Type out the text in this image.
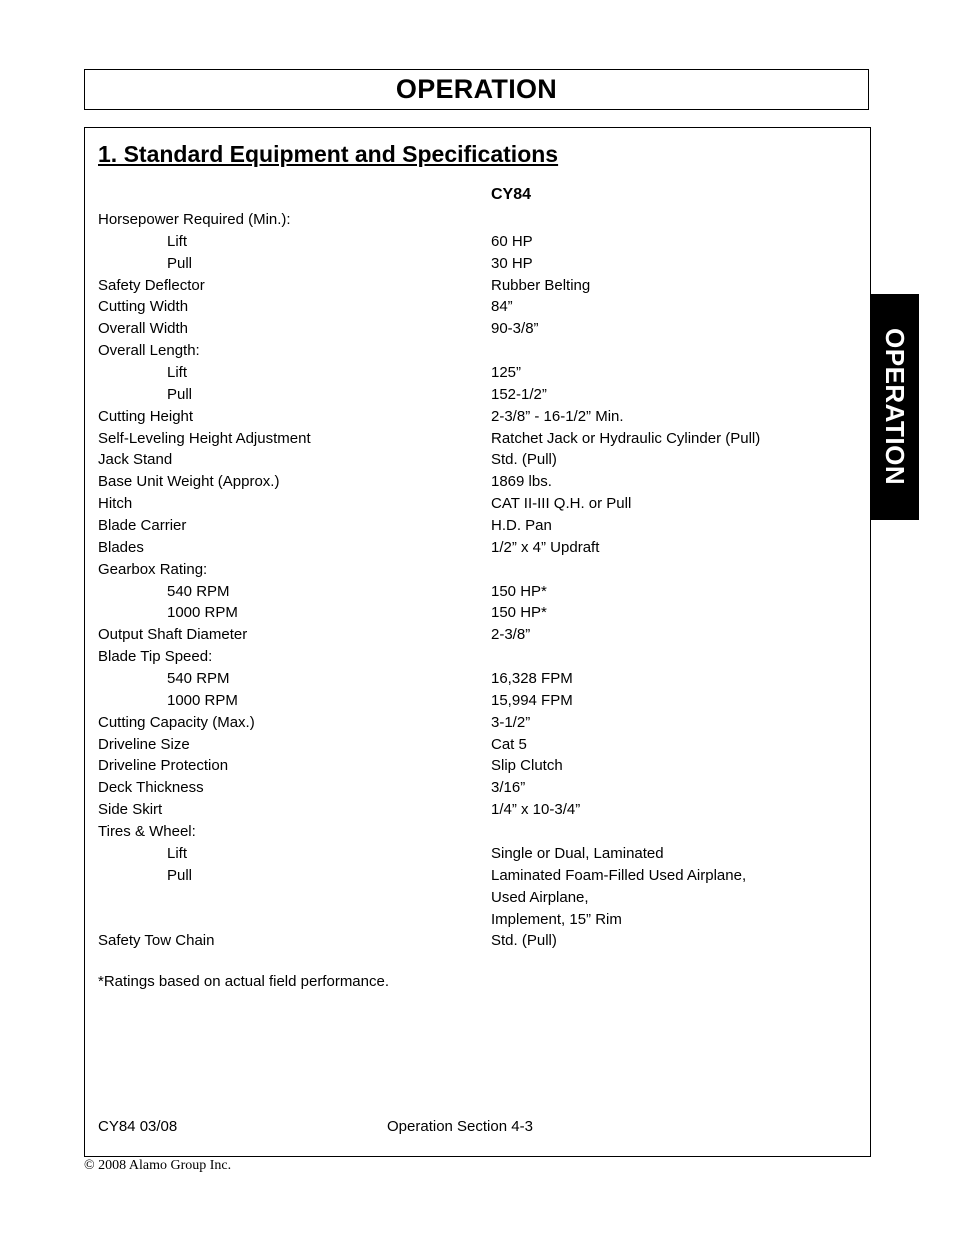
OPERATION
1. Standard Equipment and Specifications
CY84
Horsepower Required (Min.):
Lift	60 HP
Pull	30 HP
Safety Deflector	Rubber Belting
Cutting Width	84”
Overall Width	90-3/8”
Overall Length:
Lift	125”
Pull	152-1/2”
Cutting Height	2-3/8” - 16-1/2” Min.
Self-Leveling Height Adjustment	Ratchet Jack or Hydraulic Cylinder (Pull)
Jack Stand	Std. (Pull)
Base Unit Weight (Approx.)	1869 lbs.
Hitch	CAT II-III Q.H. or Pull
Blade Carrier	H.D. Pan
Blades	1/2” x 4” Updraft
Gearbox Rating:
540 RPM	150 HP*
1000 RPM	150 HP*
Output Shaft Diameter	2-3/8”
Blade Tip Speed:
540 RPM	16,328 FPM
1000 RPM	15,994 FPM
Cutting Capacity (Max.)	3-1/2”
Driveline Size	Cat 5
Driveline Protection	Slip Clutch
Deck Thickness	3/16”
Side Skirt	1/4” x 10-3/4”
Tires & Wheel:
Lift	Single or Dual, Laminated
Pull	Laminated Foam-Filled Used Airplane,
Used Airplane,
Implement, 15” Rim
Safety Tow Chain	Std. (Pull)
*Ratings based on actual field performance.
CY84 03/08	Operation Section 4-3
© 2008 Alamo Group Inc.
OPERATION
